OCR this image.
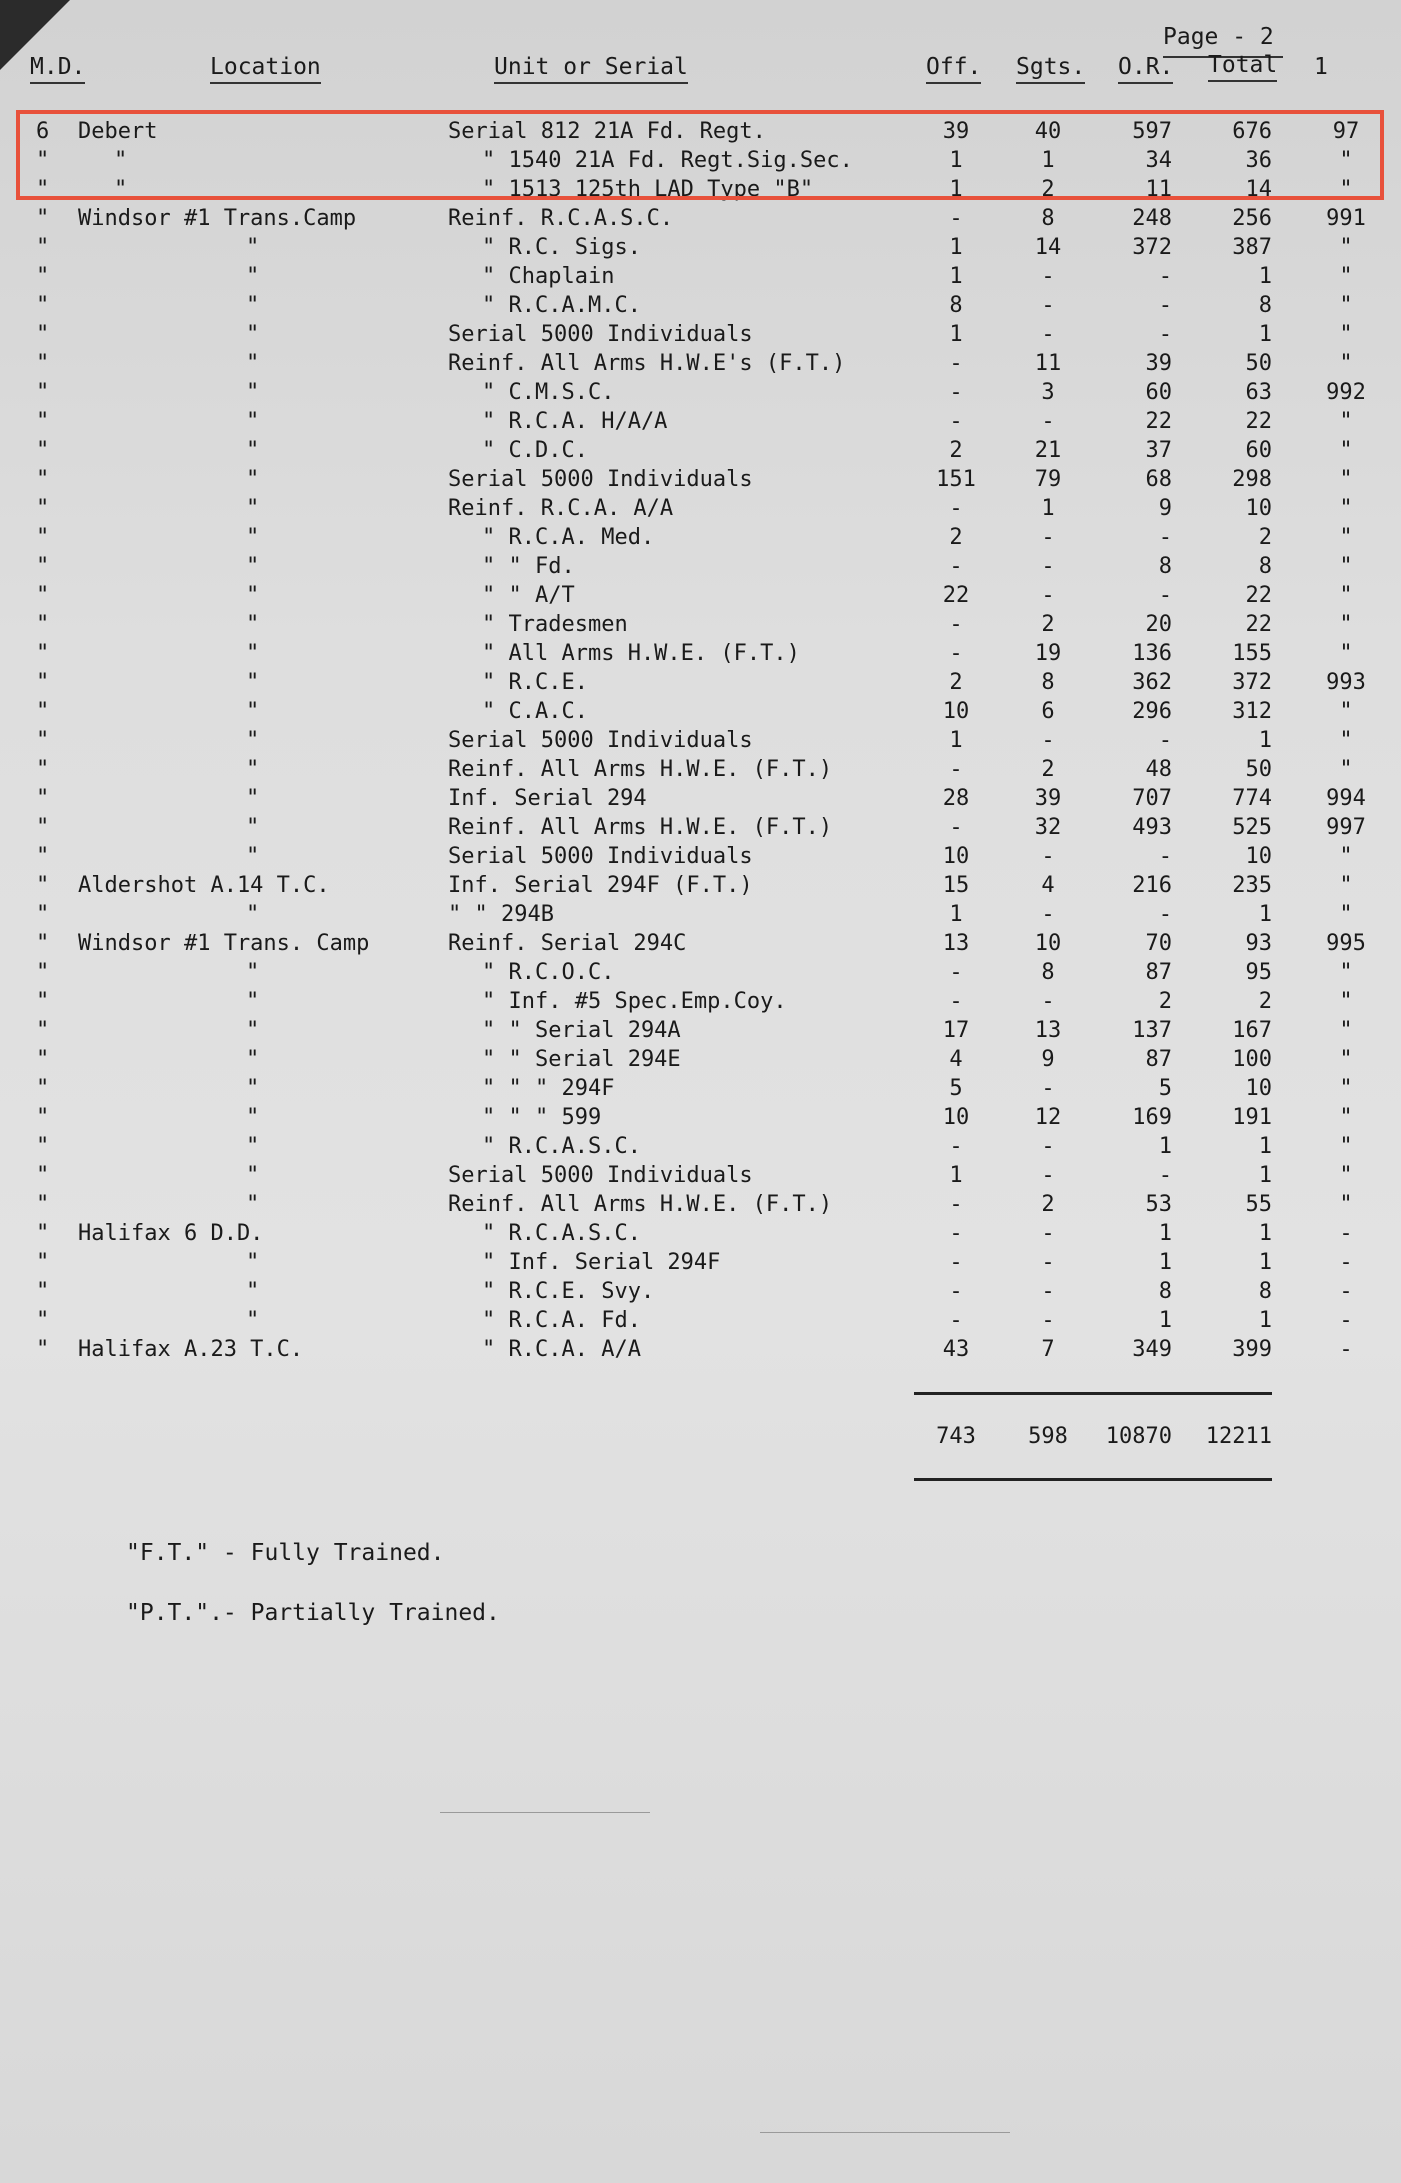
Page - 2
M.D.	Location	Unit or Serial	Off. Sgts. O.R. Total 1
6 Debert	Serial 812 21A Fd. Regt.	39	40	597	676	97
"	"	" 1540 21A Fd. Regt.Sig.Sec.	1	1	34	36	"
"	"	" 1513 125th LAD Type "B"	1	2	11	14	"
" Windsor #1 Trans.Camp	Reinf. R.C.A.S.C.	-	8	248	256	991
"	"	" R.C. Sigs.	1	14	372	387	"
"	"	" Chaplain	1	-	-	1	"
"	"	" R.C.A.M.C.	8	-	-	8	"
"	"	Serial 5000 Individuals	1	-	-	1	"
"	"	Reinf. All Arms H.W.E's (F.T.)	-	11	39	50	"
"	"	" C.M.S.C.	-	3	60	63	992
"	"	" R.C.A. H/A/A	-	-	22	22	"
"	"	" C.D.C.	2	21	37	60	"
"	"	Serial 5000 Individuals	151	79	68	298	"
"	"	Reinf. R.C.A. A/A	-	1	9	10	"
"	"	" R.C.A. Med.	2	-	-	2	"
"	"	" " Fd.	-	-	8	8	"
"	"	" " A/T	22	-	-	22	"
"	"	" Tradesmen	-	2	20	22	"
"	"	" All Arms H.W.E. (F.T.)	-	19	136	155	"
"	"	" R.C.E.	2	8	362	372	993
"	"	" C.A.C.	10	6	296	312	"
"	"	Serial 5000 Individuals	1	-	-	1	"
"	"	Reinf. All Arms H.W.E. (F.T.)	-	2	48	50	"
"	"	Inf. Serial 294	28	39	707	774	994
"	"	Reinf. All Arms H.W.E. (F.T.)	-	32	493	525	997
"	"	Serial 5000 Individuals	10	-	-	10	"
" Aldershot A.14 T.C.	Inf. Serial 294F (F.T.)	15	4	216	235	"
"	"	" " 294B	1	-	-	1	"
" Windsor #1 Trans. Camp	Reinf. Serial 294C	13	10	70	93	995
"	"	" R.C.O.C.	-	8	87	95	"
"	"	" Inf. #5 Spec.Emp.Coy.	-	-	2	2	"
"	"	" " Serial 294A	17	13	137	167	"
"	"	" " Serial 294E	4	9	87	100	"
"	"	" " " 294F	5	-	5	10	"
"	"	" " " 599	10	12	169	191	"
"	"	" R.C.A.S.C.	-	-	1	1	"
"	"	Serial 5000 Individuals	1	-	-	1	"
"	"	Reinf. All Arms H.W.E. (F.T.)	-	2	53	55	"
" Halifax 6 D.D.	" R.C.A.S.C.	-	-	1	1	-
"	"	" Inf. Serial 294F	-	-	1	1	-
"	"	" R.C.E. Svy.	-	-	8	8	-
"	"	" R.C.A. Fd.	-	-	1	1	-
" Halifax A.23 T.C.	" R.C.A. A/A	43	7	349	399	-
743 598	10870	12211
"F.T." - Fully Trained.
"P.T.".- Partially Trained.
